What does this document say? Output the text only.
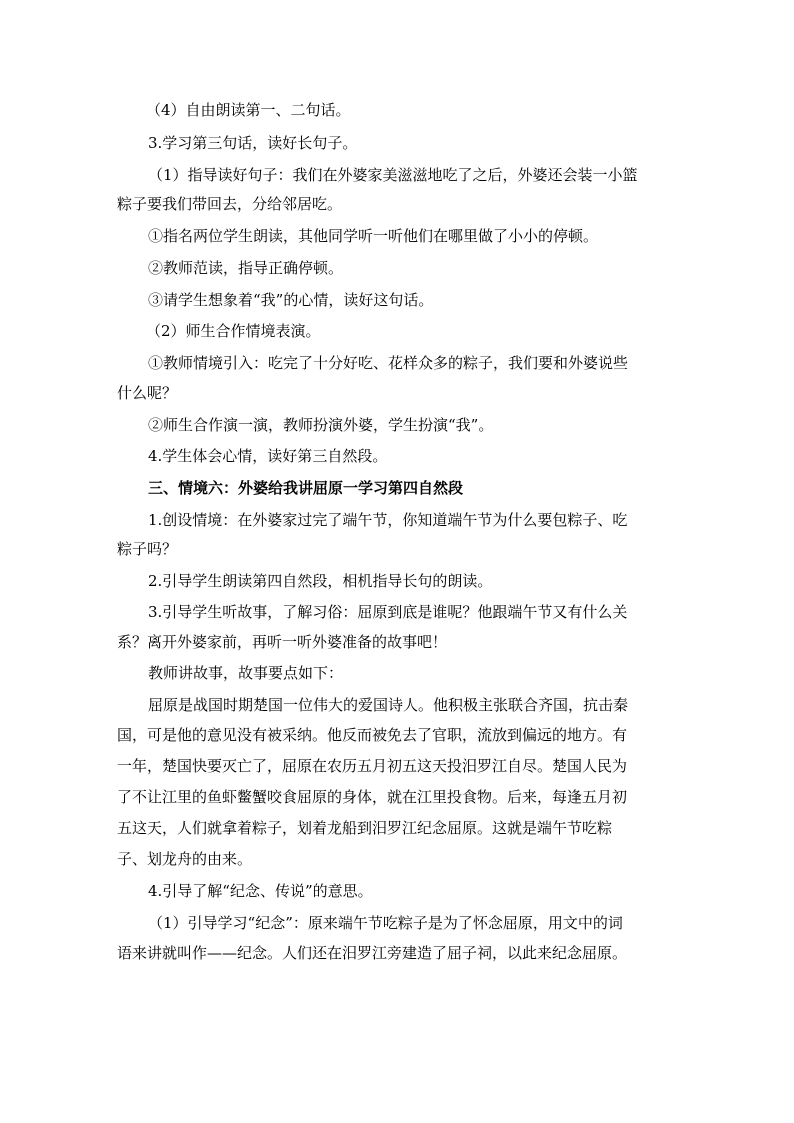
（4）自由朗读第一、二句话。

3.学习第三句话，读好长句子。

（1）指导读好句子：我们在外婆家美滋滋地吃了之后，外婆还会装一小篮

粽子要我们带回去，分给邻居吃。

①指名两位学生朗读，其他同学听一听他们在哪里做了小小的停顿。

②教师范读，指导正确停顿。

③请学生想象着“我”的心情，读好这句话。

（2）师生合作情境表演。

①教师情境引入：吃完了十分好吃、花样众多的粽子，我们要和外婆说些

什么呢？

②师生合作演一演，教师扮演外婆，学生扮演“我”。

4.学生体会心情，读好第三自然段。

三、情境六：外婆给我讲屈原一学习第四自然段

1.创设情境：在外婆家过完了端午节，你知道端午节为什么要包粽子、吃

粽子吗？

2.引导学生朗读第四自然段，相机指导长句的朗读。

3.引导学生听故事，了解习俗：屈原到底是谁呢？他跟端午节又有什么关

系？离开外婆家前，再听一听外婆准备的故事吧！

教师讲故事，故事要点如下：

屈原是战国时期楚国一位伟大的爱国诗人。他积极主张联合齐国，抗击秦

国，可是他的意见没有被采纳。他反而被免去了官职，流放到偏远的地方。有

一年，楚国快要灭亡了，屈原在农历五月初五这天投汨罗江自尽。楚国人民为

了不让江里的鱼虾鳖蟹咬食屈原的身体，就在江里投食物。后来，每逢五月初

五这天，人们就拿着粽子，划着龙船到汨罗江纪念屈原。这就是端午节吃粽

子、划龙舟的由来。

4.引导了解“纪念、传说”的意思。

（1）引导学习“纪念”：原来端午节吃粽子是为了怀念屈原，用文中的词

语来讲就叫作——纪念。人们还在汨罗江旁建造了屈子祠，以此来纪念屈原。
